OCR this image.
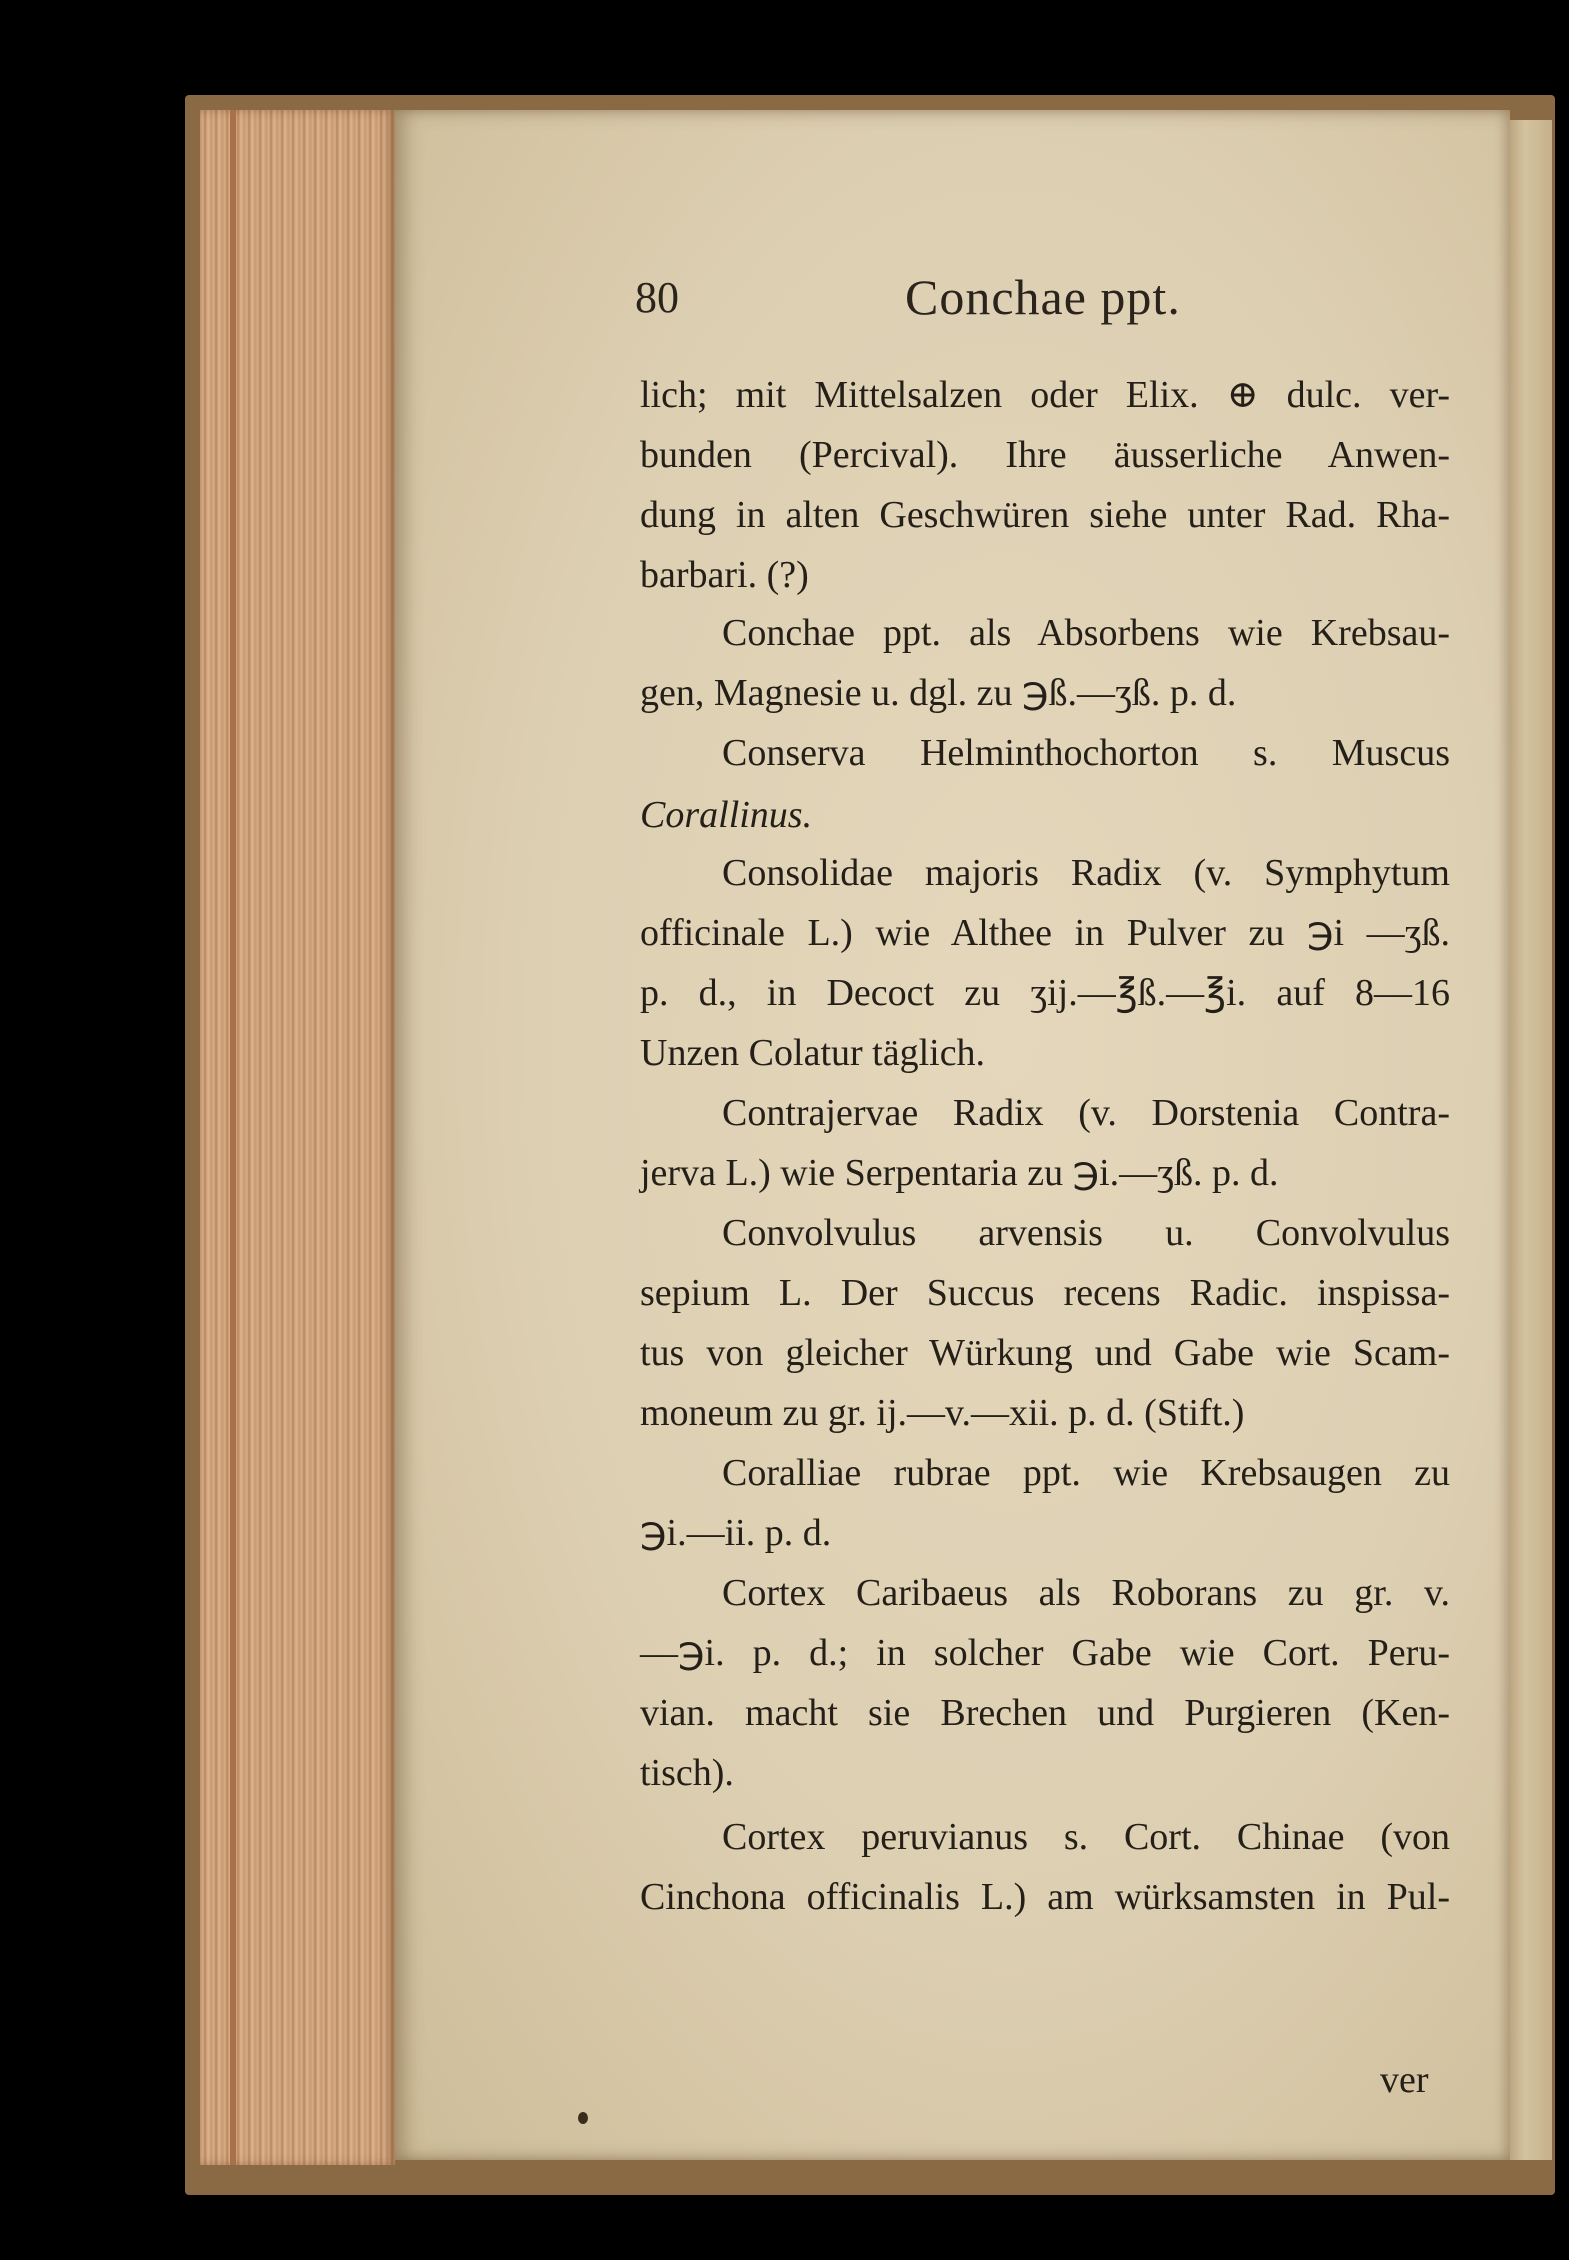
80	Conchae ppt.
lich; mit Mittelsalzen oder Elix. ⊕ dulc. ver-
bunden (Percival). Ihre äusserliche Anwen-
dung in alten Geschwüren siehe unter Rad. Rha-
barbari. (?)
Conchae ppt. als Absorbens wie Krebsau-
gen, Magnesie u. dgl. zu ℈ß.—ʒß. p. d.
Conserva Helminthochorton s. Muscus
Corallinus.
Consolidae majoris Radix (v. Symphytum
officinale L.) wie Althee in Pulver zu ℈i —ʒß.
p. d., in Decoct zu ʒij.—℥ß.—℥i. auf 8—16
Unzen Colatur täglich.
Contrajervae Radix (v. Dorstenia Contra-
jerva L.) wie Serpentaria zu ℈i.—ʒß. p. d.
Convolvulus arvensis u. Convolvulus
sepium L. Der Succus recens Radic. inspissa-
tus von gleicher Würkung und Gabe wie Scam-
moneum zu gr. ij.—v.—xii. p. d. (Stift.)
Coralliae rubrae ppt. wie Krebsaugen zu
℈i.—ii. p. d.
Cortex Caribaeus als Roborans zu gr. v.
—℈i. p. d.; in solcher Gabe wie Cort. Peru-
vian. macht sie Brechen und Purgieren (Ken-
tisch).
Cortex peruvianus s. Cort. Chinae (von
Cinchona officinalis L.) am würksamsten in Pul-
ver
